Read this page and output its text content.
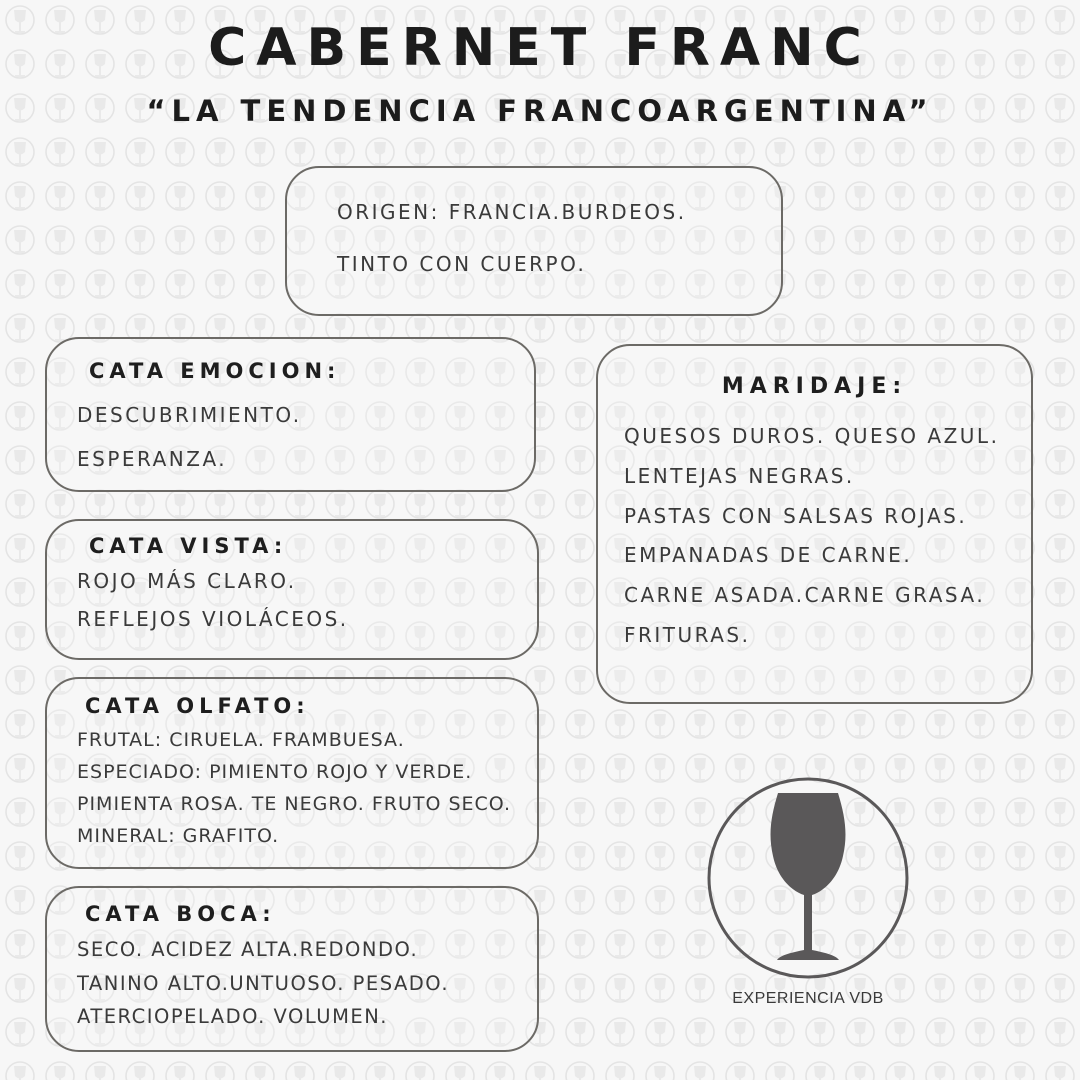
CABERNET FRANC
“LA TENDENCIA FRANCOARGENTINA”
ORIGEN: FRANCIA.BURDEOS.
TINTO CON CUERPO.
CATA EMOCION:
DESCUBRIMIENTO.
ESPERANZA.
CATA VISTA:
ROJO MÁS CLARO.
REFLEJOS VIOLÁCEOS.
CATA OLFATO:
FRUTAL: CIRUELA. FRAMBUESA.
ESPECIADO: PIMIENTO ROJO Y VERDE.
PIMIENTA ROSA. TE NEGRO. FRUTO SECO.
MINERAL: GRAFITO.
CATA BOCA:
SECO. ACIDEZ ALTA.REDONDO.
TANINO ALTO.UNTUOSO. PESADO.
ATERCIOPELADO. VOLUMEN.
MARIDAJE:
QUESOS DUROS. QUESO AZUL.
LENTEJAS NEGRAS.
PASTAS CON SALSAS ROJAS.
EMPANADAS DE CARNE.
CARNE ASADA.CARNE GRASA.
FRITURAS.
EXPERIENCIA VDB
